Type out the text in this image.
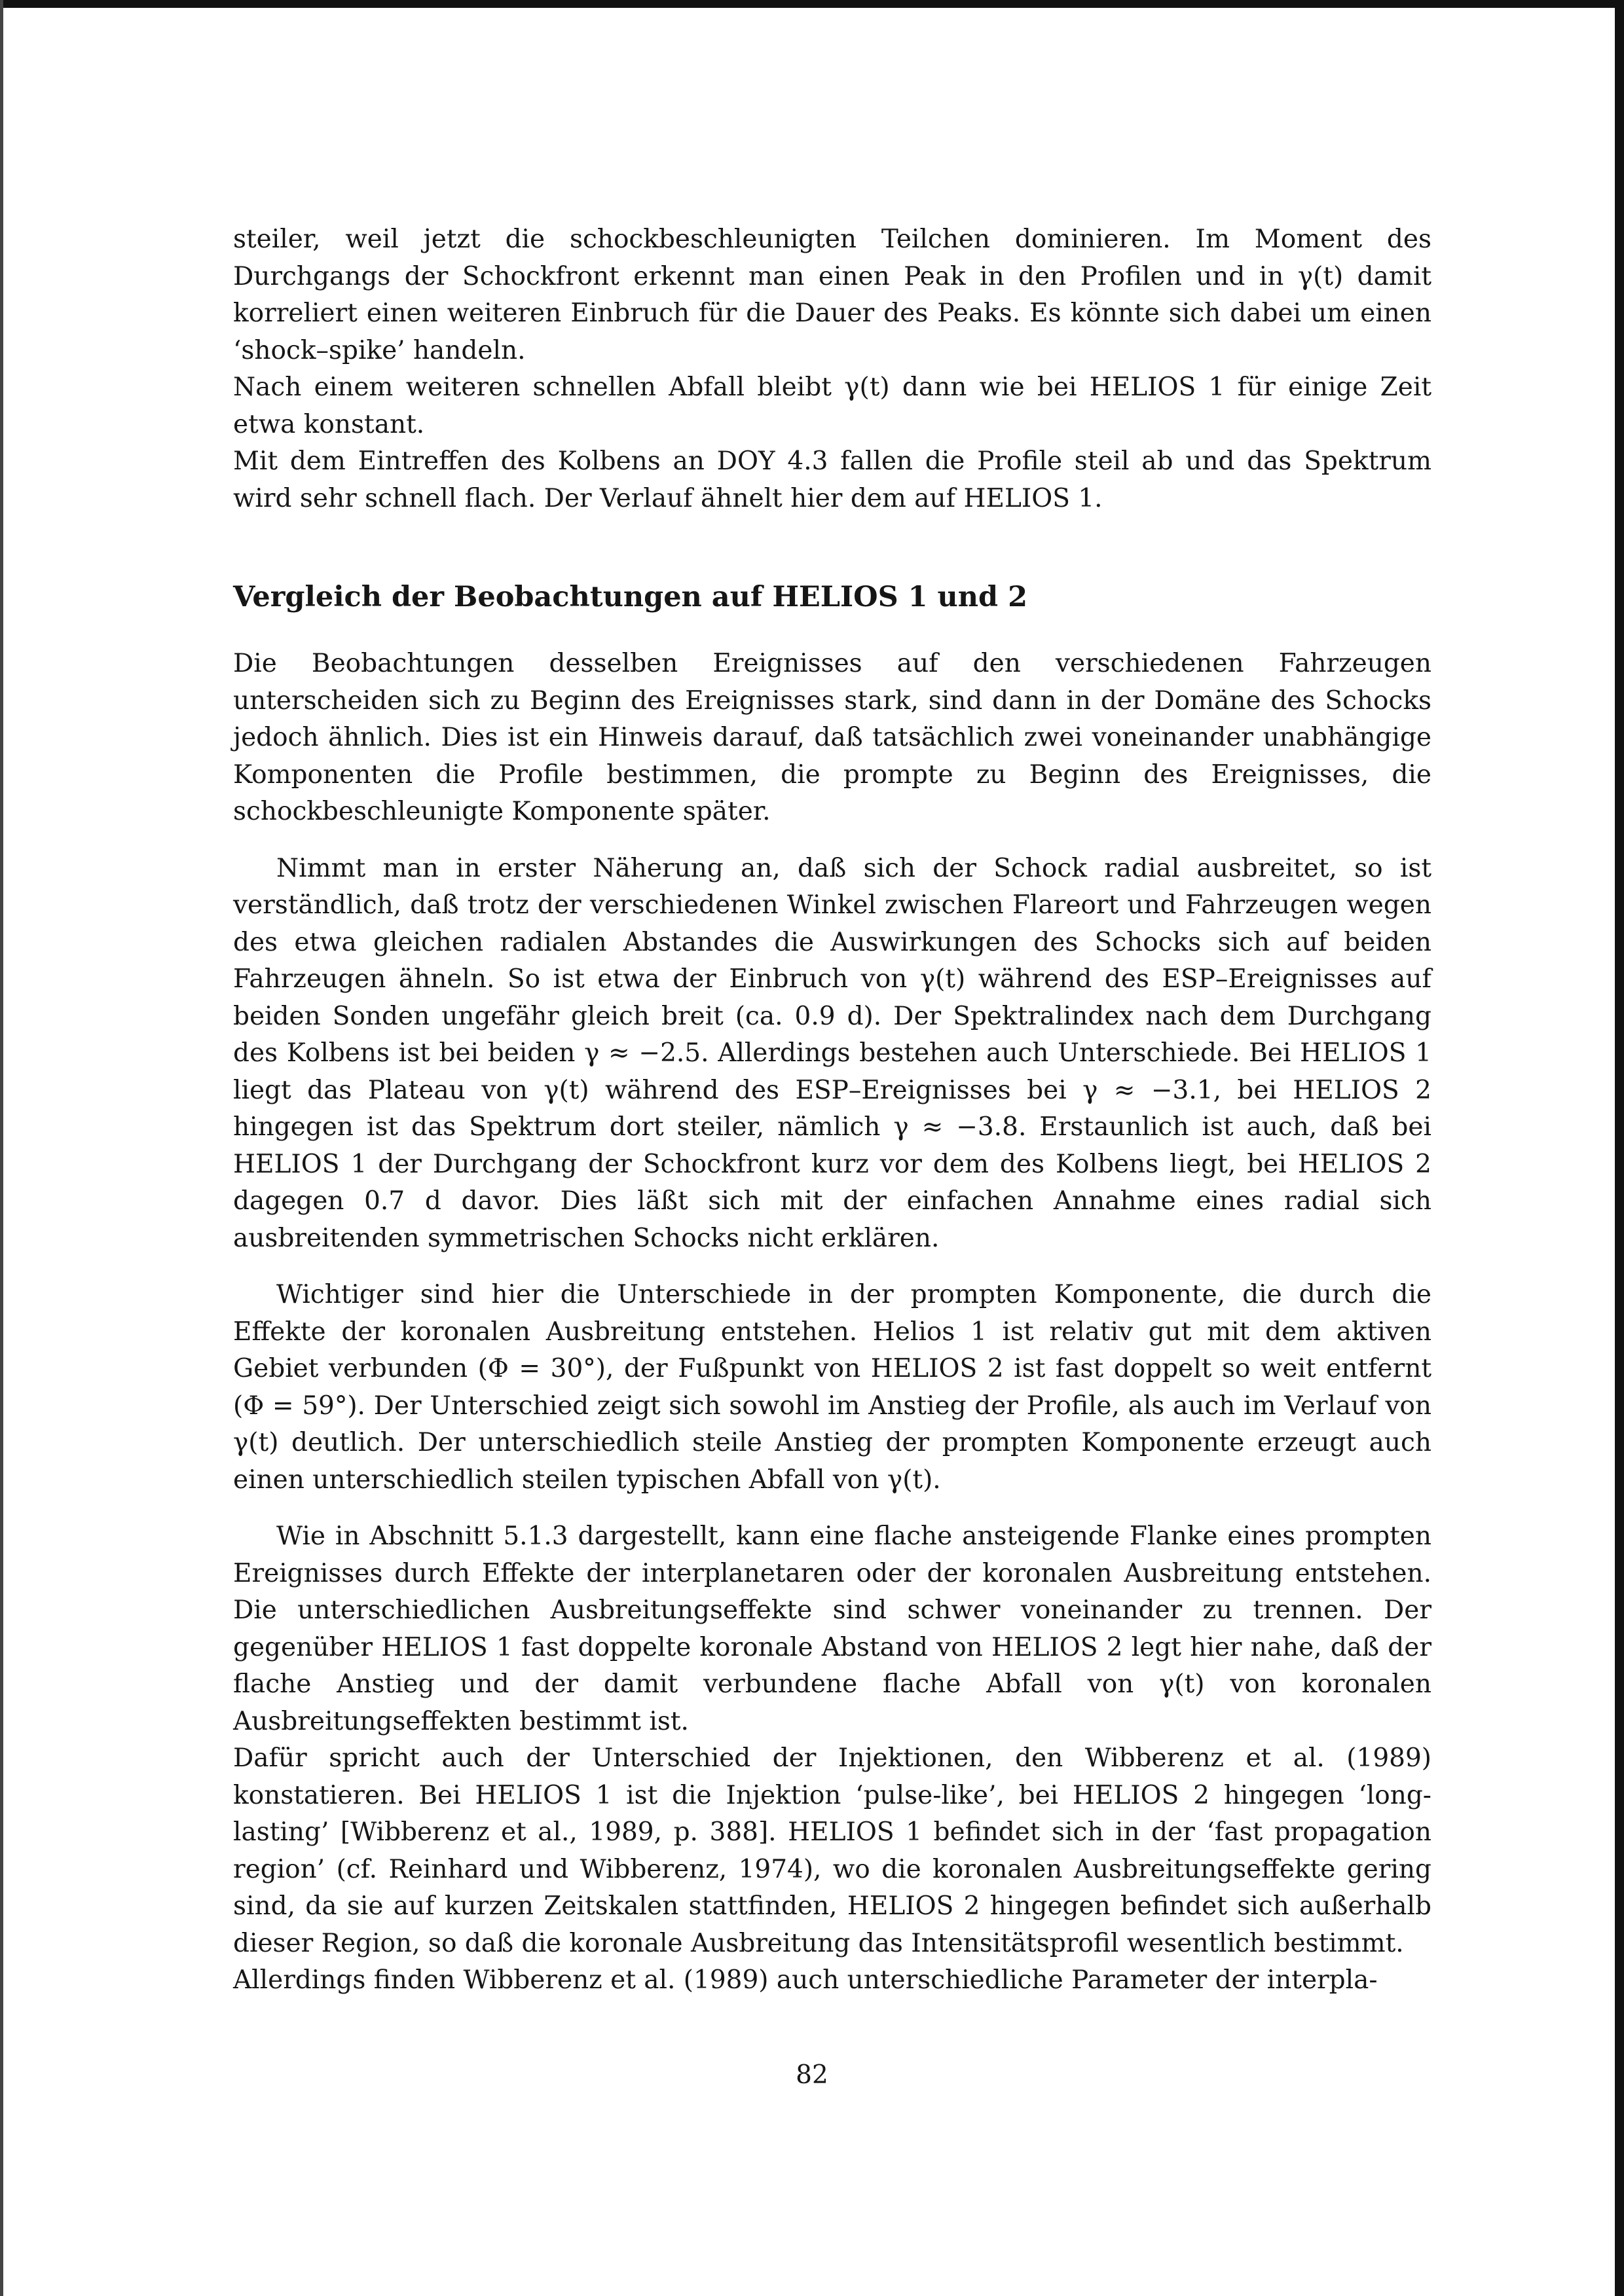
steiler, weil jetzt die schockbeschleunigten Teilchen dominieren. Im Moment des Durchgangs der Schockfront erkennt man einen Peak in den Profilen und in γ(t) damit korreliert einen weiteren Einbruch für die Dauer des Peaks. Es könnte sich dabei um einen ‘shock–spike’ handeln.

Nach einem weiteren schnellen Abfall bleibt γ(t) dann wie bei HELIOS 1 für einige Zeit etwa konstant.

Mit dem Eintreffen des Kolbens an DOY 4.3 fallen die Profile steil ab und das Spektrum wird sehr schnell flach. Der Verlauf ähnelt hier dem auf HELIOS 1.

Vergleich der Beobachtungen auf HELIOS 1 und 2

Die Beobachtungen desselben Ereignisses auf den verschiedenen Fahrzeugen unterscheiden sich zu Beginn des Ereignisses stark, sind dann in der Domäne des Schocks jedoch ähnlich. Dies ist ein Hinweis darauf, daß tatsächlich zwei voneinander unabhängige Komponenten die Profile bestimmen, die prompte zu Beginn des Ereignisses, die schockbeschleunigte Komponente später.

Nimmt man in erster Näherung an, daß sich der Schock radial ausbreitet, so ist verständlich, daß trotz der verschiedenen Winkel zwischen Flareort und Fahrzeugen wegen des etwa gleichen radialen Abstandes die Auswirkungen des Schocks sich auf beiden Fahrzeugen ähneln. So ist etwa der Einbruch von γ(t) während des ESP–Ereignisses auf beiden Sonden ungefähr gleich breit (ca. 0.9 d). Der Spektralindex nach dem Durchgang des Kolbens ist bei beiden γ ≈ −2.5. Allerdings bestehen auch Unterschiede. Bei HELIOS 1 liegt das Plateau von γ(t) während des ESP–Ereignisses bei γ ≈ −3.1, bei HELIOS 2 hingegen ist das Spektrum dort steiler, nämlich γ ≈ −3.8. Erstaunlich ist auch, daß bei HELIOS 1 der Durchgang der Schockfront kurz vor dem des Kolbens liegt, bei HELIOS 2 dagegen 0.7 d davor. Dies läßt sich mit der einfachen Annahme eines radial sich ausbreitenden symmetrischen Schocks nicht erklären.

Wichtiger sind hier die Unterschiede in der prompten Komponente, die durch die Effekte der koronalen Ausbreitung entstehen. Helios 1 ist relativ gut mit dem aktiven Gebiet verbunden (Φ = 30°), der Fußpunkt von HELIOS 2 ist fast doppelt so weit entfernt (Φ = 59°). Der Unterschied zeigt sich sowohl im Anstieg der Profile, als auch im Verlauf von γ(t) deutlich. Der unterschiedlich steile Anstieg der prompten Komponente erzeugt auch einen unterschiedlich steilen typischen Abfall von γ(t).

Wie in Abschnitt 5.1.3 dargestellt, kann eine flache ansteigende Flanke eines prompten Ereignisses durch Effekte der interplanetaren oder der koronalen Ausbreitung entstehen. Die unterschiedlichen Ausbreitungseffekte sind schwer voneinander zu trennen. Der gegenüber HELIOS 1 fast doppelte koronale Abstand von HELIOS 2 legt hier nahe, daß der flache Anstieg und der damit verbundene flache Abfall von γ(t) von koronalen Ausbreitungseffekten bestimmt ist.

Dafür spricht auch der Unterschied der Injektionen, den Wibberenz et al. (1989) konstatieren. Bei HELIOS 1 ist die Injektion ‘pulse-like’, bei HELIOS 2 hingegen ‘long-lasting’ [Wibberenz et al., 1989, p. 388]. HELIOS 1 befindet sich in der ‘fast propagation region’ (cf. Reinhard und Wibberenz, 1974), wo die koronalen Ausbreitungseffekte gering sind, da sie auf kurzen Zeitskalen stattfinden, HELIOS 2 hingegen befindet sich außerhalb dieser Region, so daß die koronale Ausbreitung das Intensitätsprofil wesentlich bestimmt.

Allerdings finden Wibberenz et al. (1989) auch unterschiedliche Parameter der interpla-

82
